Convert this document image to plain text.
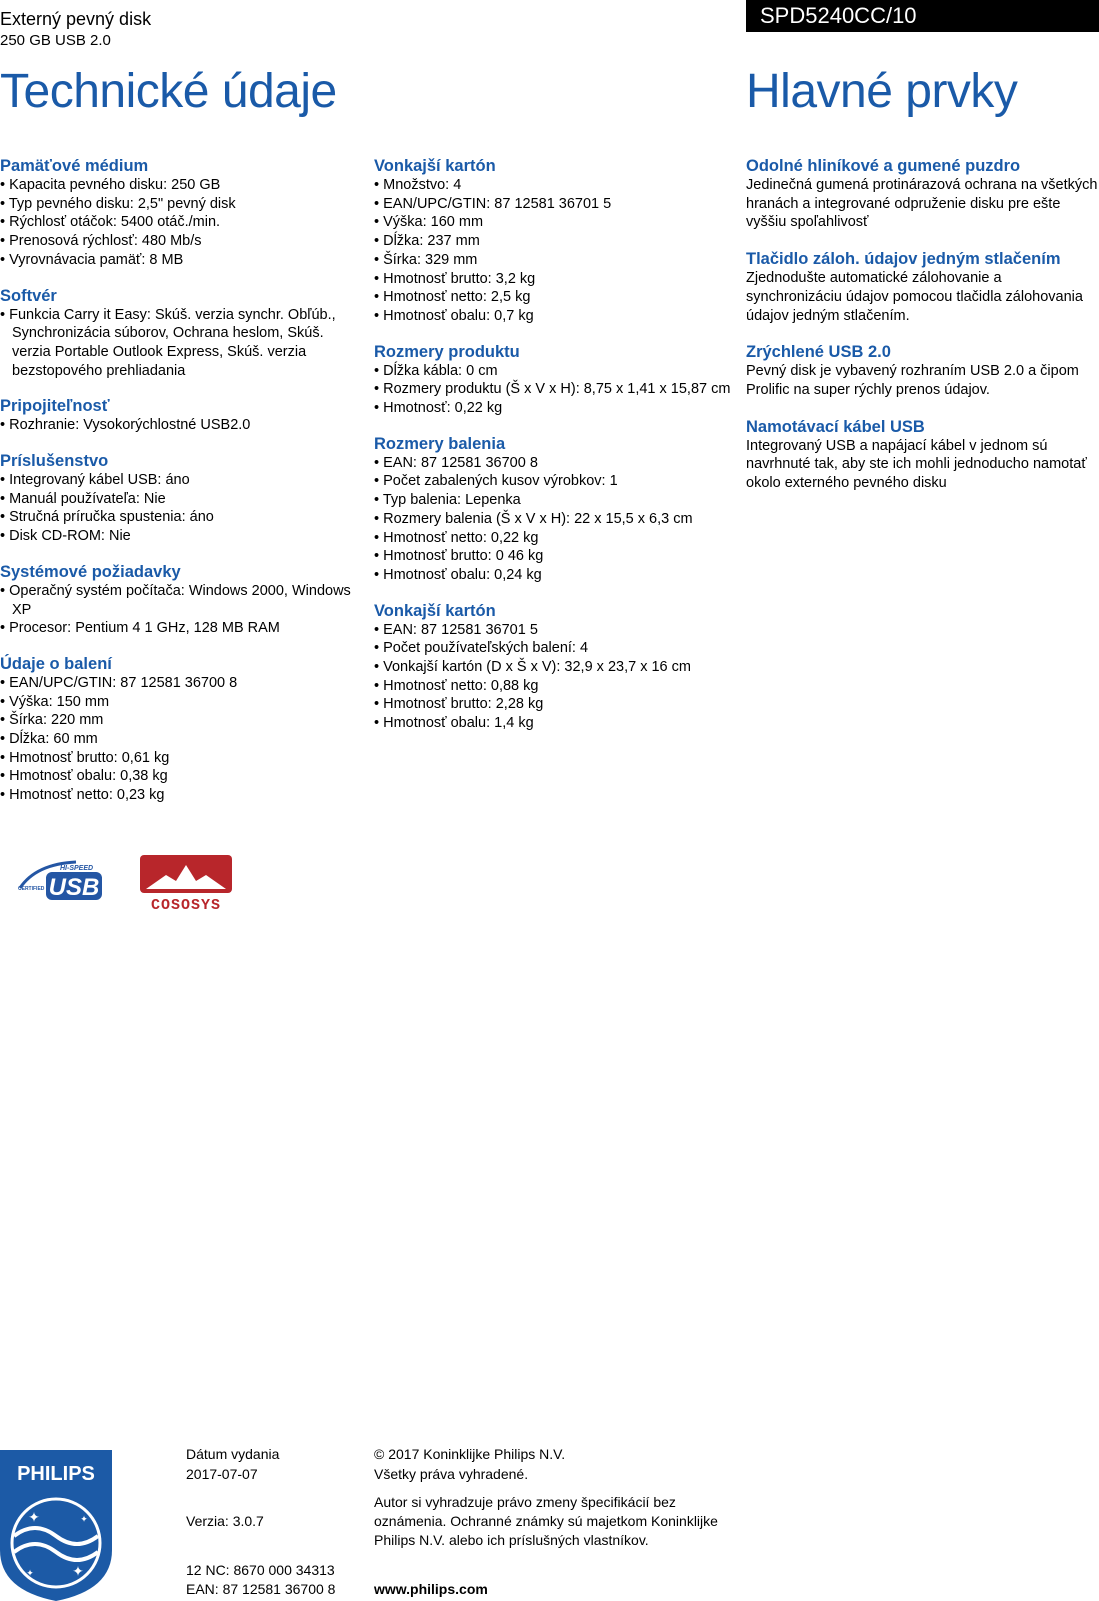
Externý pevný disk
250 GB USB 2.0
SPD5240CC/10
Technické údaje	Hlavné prvky
Pamäťové médium
• Kapacita pevného disku: 250 GB
• Typ pevného disku: 2,5" pevný disk
• Rýchlosť otáčok: 5400 otáč./min.
• Prenosová rýchlosť: 480 Mb/s
• Vyrovnávacia pamäť: 8 MB
Softvér
• Funkcia Carry it Easy: Skúš. verzia synchr. Obľúb., Synchronizácia súborov, Ochrana heslom, Skúš. verzia Portable Outlook Express, Skúš. verzia bezstopového prehliadania
Pripojiteľnosť
• Rozhranie: Vysokorýchlostné USB2.0
Príslušenstvo
• Integrovaný kábel USB: áno
• Manuál používateľa: Nie
• Stručná príručka spustenia: áno
• Disk CD-ROM: Nie
Systémové požiadavky
• Operačný systém počítača: Windows 2000, Windows XP
• Procesor: Pentium 4 1 GHz, 128 MB RAM
Údaje o balení
• EAN/UPC/GTIN: 87 12581 36700 8
• Výška: 150 mm
• Šírka: 220 mm
• Dĺžka: 60 mm
• Hmotnosť brutto: 0,61 kg
• Hmotnosť obalu: 0,38 kg
• Hmotnosť netto: 0,23 kg
Vonkajší kartón
• Množstvo: 4
• EAN/UPC/GTIN: 87 12581 36701 5
• Výška: 160 mm
• Dĺžka: 237 mm
• Šírka: 329 mm
• Hmotnosť brutto: 3,2 kg
• Hmotnosť netto: 2,5 kg
• Hmotnosť obalu: 0,7 kg
Rozmery produktu
• Dĺžka kábla: 0 cm
• Rozmery produktu (Š x V x H): 8,75 x 1,41 x 15,87 cm
• Hmotnosť: 0,22 kg
Rozmery balenia
• EAN: 87 12581 36700 8
• Počet zabalených kusov výrobkov: 1
• Typ balenia: Lepenka
• Rozmery balenia (Š x V x H): 22 x 15,5 x 6,3 cm
• Hmotnosť netto: 0,22 kg
• Hmotnosť brutto: 0 46 kg
• Hmotnosť obalu: 0,24 kg
Vonkajší kartón
• EAN: 87 12581 36701 5
• Počet používateľských balení: 4
• Vonkajší kartón (D x Š x V): 32,9 x 23,7 x 16 cm
• Hmotnosť netto: 0,88 kg
• Hmotnosť brutto: 2,28 kg
• Hmotnosť obalu: 1,4 kg
Odolné hliníkové a gumené puzdro
Jedinečná gumená protinárazová ochrana na všetkých hranách a integrované odpruženie disku pre ešte vyššiu spoľahlivosť
Tlačidlo záloh. údajov jedným stlačením
Zjednodušte automatické zálohovanie a synchronizáciu údajov pomocou tlačidla zálohovania údajov jedným stlačením.
Zrýchlené USB 2.0
Pevný disk je vybavený rozhraním USB 2.0 a čipom Prolific na super rýchly prenos údajov.
Namotávací kábel USB
Integrovaný USB a napájací kábel v jednom sú navrhnuté tak, aby ste ich mohli jednoducho namotať okolo externého pevného disku
HI-SPEED
USB
CERTIFIED
COSOSYS
PHILIPS
✦
✦
✦
✦
Dátum vydania
2017-07-07
Verzia: 3.0.7
12 NC: 8670 000 34313
EAN: 87 12581 36700 8
© 2017 Koninklijke Philips N.V.
Všetky práva vyhradené.
Autor si vyhradzuje právo zmeny špecifikácií bez oznámenia. Ochranné známky sú majetkom Koninklijke Philips N.V. alebo ich príslušných vlastníkov.
www.philips.com
